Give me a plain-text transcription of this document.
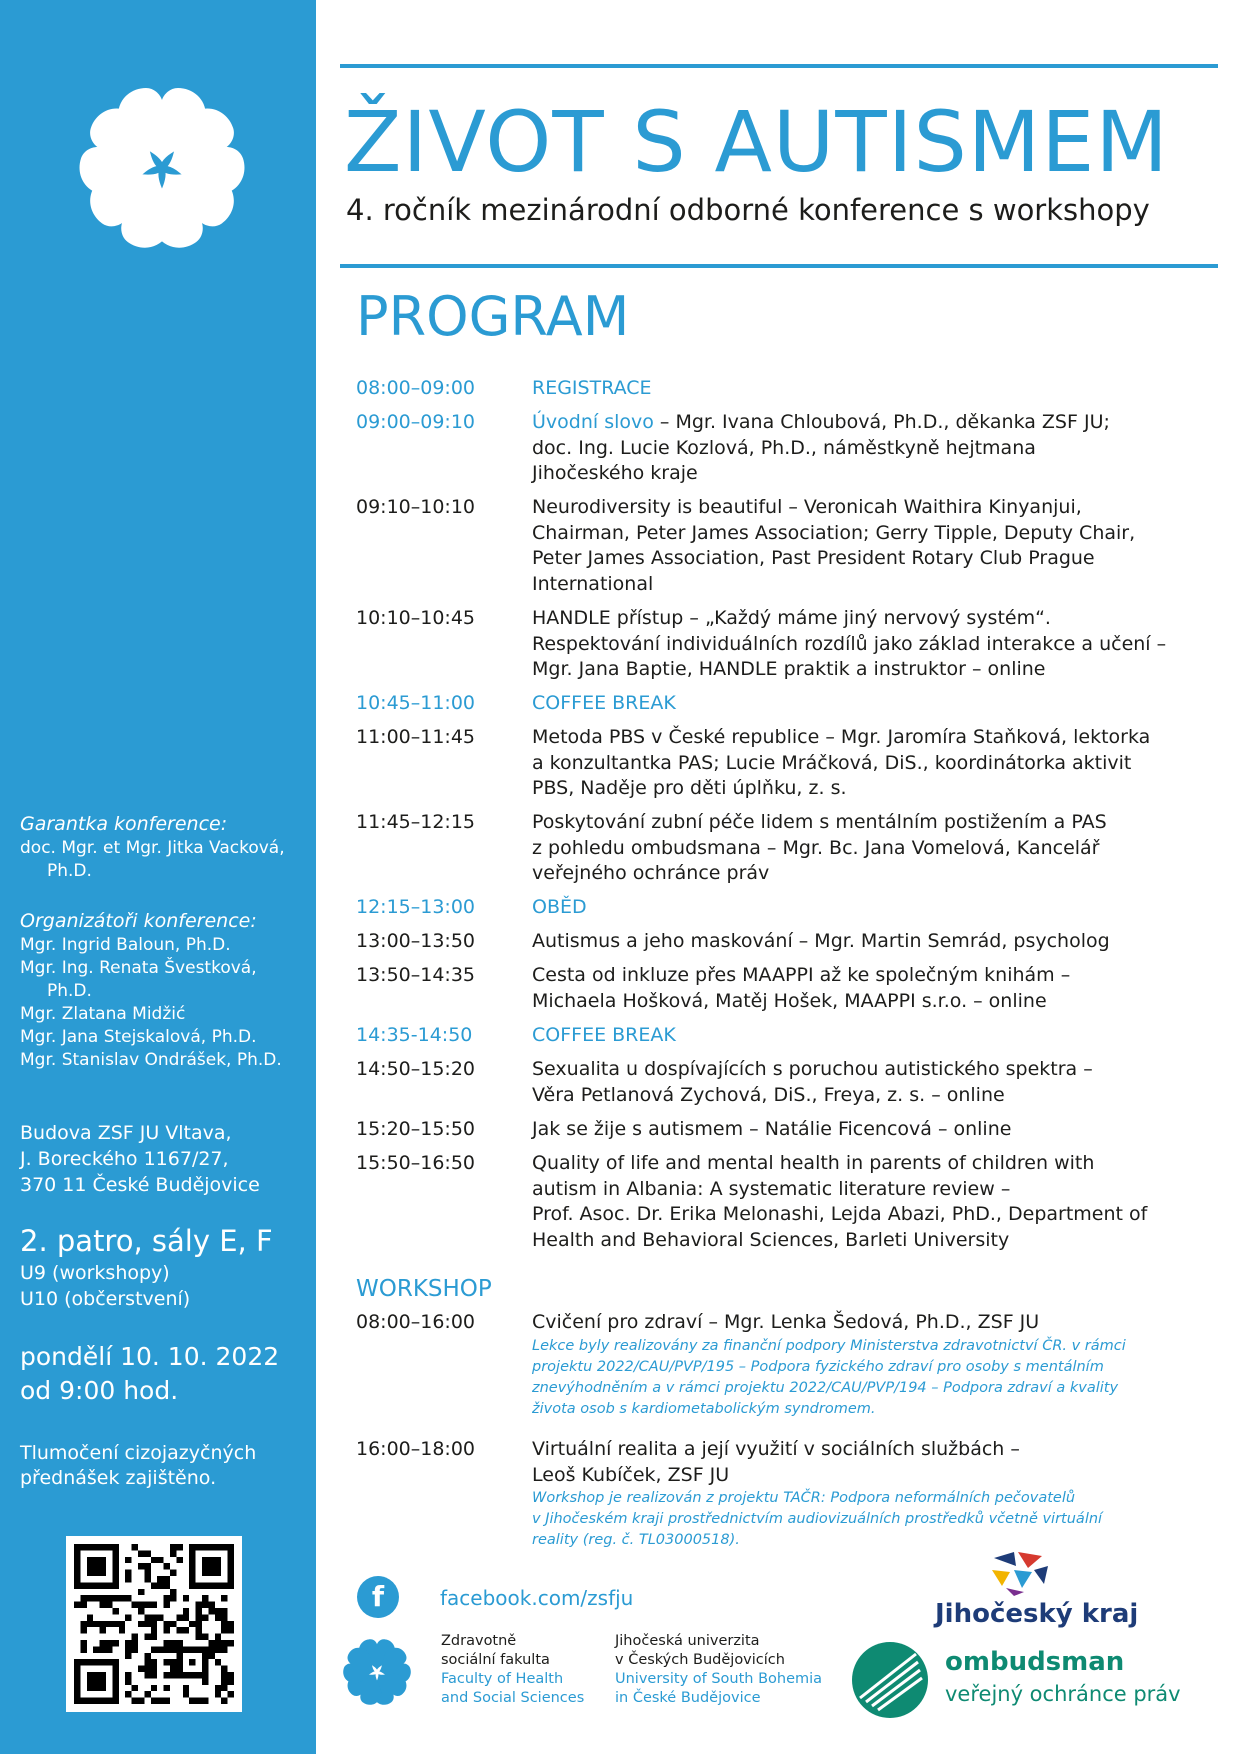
Garantka konference:
doc. Mgr. et Mgr. Jitka Vacková,
Ph.D.
Organizátoři konference:
Mgr. Ingrid Baloun, Ph.D.
Mgr. Ing. Renata Švestková,
Ph.D.
Mgr. Zlatana Midžić
Mgr. Jana Stejskalová, Ph.D.
Mgr. Stanislav Ondrášek, Ph.D.
Budova ZSF JU Vltava,
J. Boreckého 1167/27,
370 11 České Budějovice
2. patro, sály E, F
U9 (workshopy)
U10 (občerstvení)
pondělí 10. 10. 2022
od 9:00 hod.
Tlumočení cizojazyčných
přednášek zajištěno.
ŽIVOT S AUTISMEM
4. ročník mezinárodní odborné konference s workshopy
PROGRAM
08:00–09:00	REGISTRACE
09:00–09:10	Úvodní slovo – Mgr. Ivana Chloubová, Ph.D., děkanka ZSF JU;
doc. Ing. Lucie Kozlová, Ph.D., náměstkyně hejtmana
Jihočeského kraje
09:10–10:10	Neurodiversity is beautiful – Veronicah Waithira Kinyanjui,
Chairman, Peter James Association; Gerry Tipple, Deputy Chair,
Peter James Association, Past President Rotary Club Prague
International
10:10–10:45	HANDLE přístup – „Každý máme jiný nervový systém“.
Respektování individuálních rozdílů jako základ interakce a učení –
Mgr. Jana Baptie, HANDLE praktik a instruktor – online
10:45–11:00	COFFEE BREAK
11:00–11:45	Metoda PBS v České republice – Mgr. Jaromíra Staňková, lektorka
a konzultantka PAS; Lucie Mráčková, DiS., koordinátorka aktivit
PBS, Naděje pro děti úplňku, z. s.
11:45–12:15	Poskytování zubní péče lidem s mentálním postižením a PAS
z pohledu ombudsmana – Mgr. Bc. Jana Vomelová, Kancelář
veřejného ochránce práv
12:15–13:00	OBĚD
13:00–13:50	Autismus a jeho maskování – Mgr. Martin Semrád, psycholog
13:50–14:35	Cesta od inkluze přes MAAPPI až ke společným knihám –
Michaela Hošková, Matěj Hošek, MAAPPI s.r.o. – online
14:35-14:50	COFFEE BREAK
14:50–15:20	Sexualita u dospívajících s poruchou autistického spektra –
Věra Petlanová Zychová, DiS., Freya, z. s. – online
15:20–15:50	Jak se žije s autismem – Natálie Ficencová – online
15:50–16:50	Quality of life and mental health in parents of children with
autism in Albania: A systematic literature review –
Prof. Asoc. Dr. Erika Melonashi, Lejda Abazi, PhD., Department of
Health and Behavioral Sciences, Barleti University
WORKSHOP
08:00–16:00	Cvičení pro zdraví – Mgr. Lenka Šedová, Ph.D., ZSF JU
Lekce byly realizovány za finanční podpory Ministerstva zdravotnictví ČR. v rámci
projektu 2022/CAU/PVP/195 – Podpora fyzického zdraví pro osoby s mentálním
znevýhodněním a v rámci projektu 2022/CAU/PVP/194 – Podpora zdraví a kvality
života osob s kardiometabolickým syndromem.
16:00–18:00	Virtuální realita a její využití v sociálních službách –
Leoš Kubíček, ZSF JU
Workshop je realizován z projektu TAČR: Podpora neformálních pečovatelů
v Jihočeském kraji prostřednictvím audiovizuálních prostředků včetně virtuální
reality (reg. č. TL03000518).
f	facebook.com/zsfju
Zdravotně
sociální fakulta
Faculty of Health
and Social Sciences
Jihočeská univerzita
v Českých Budějovicích
University of South Bohemia
in České Budějovice
Jihočeský kraj
ombudsman
veřejný ochránce práv
